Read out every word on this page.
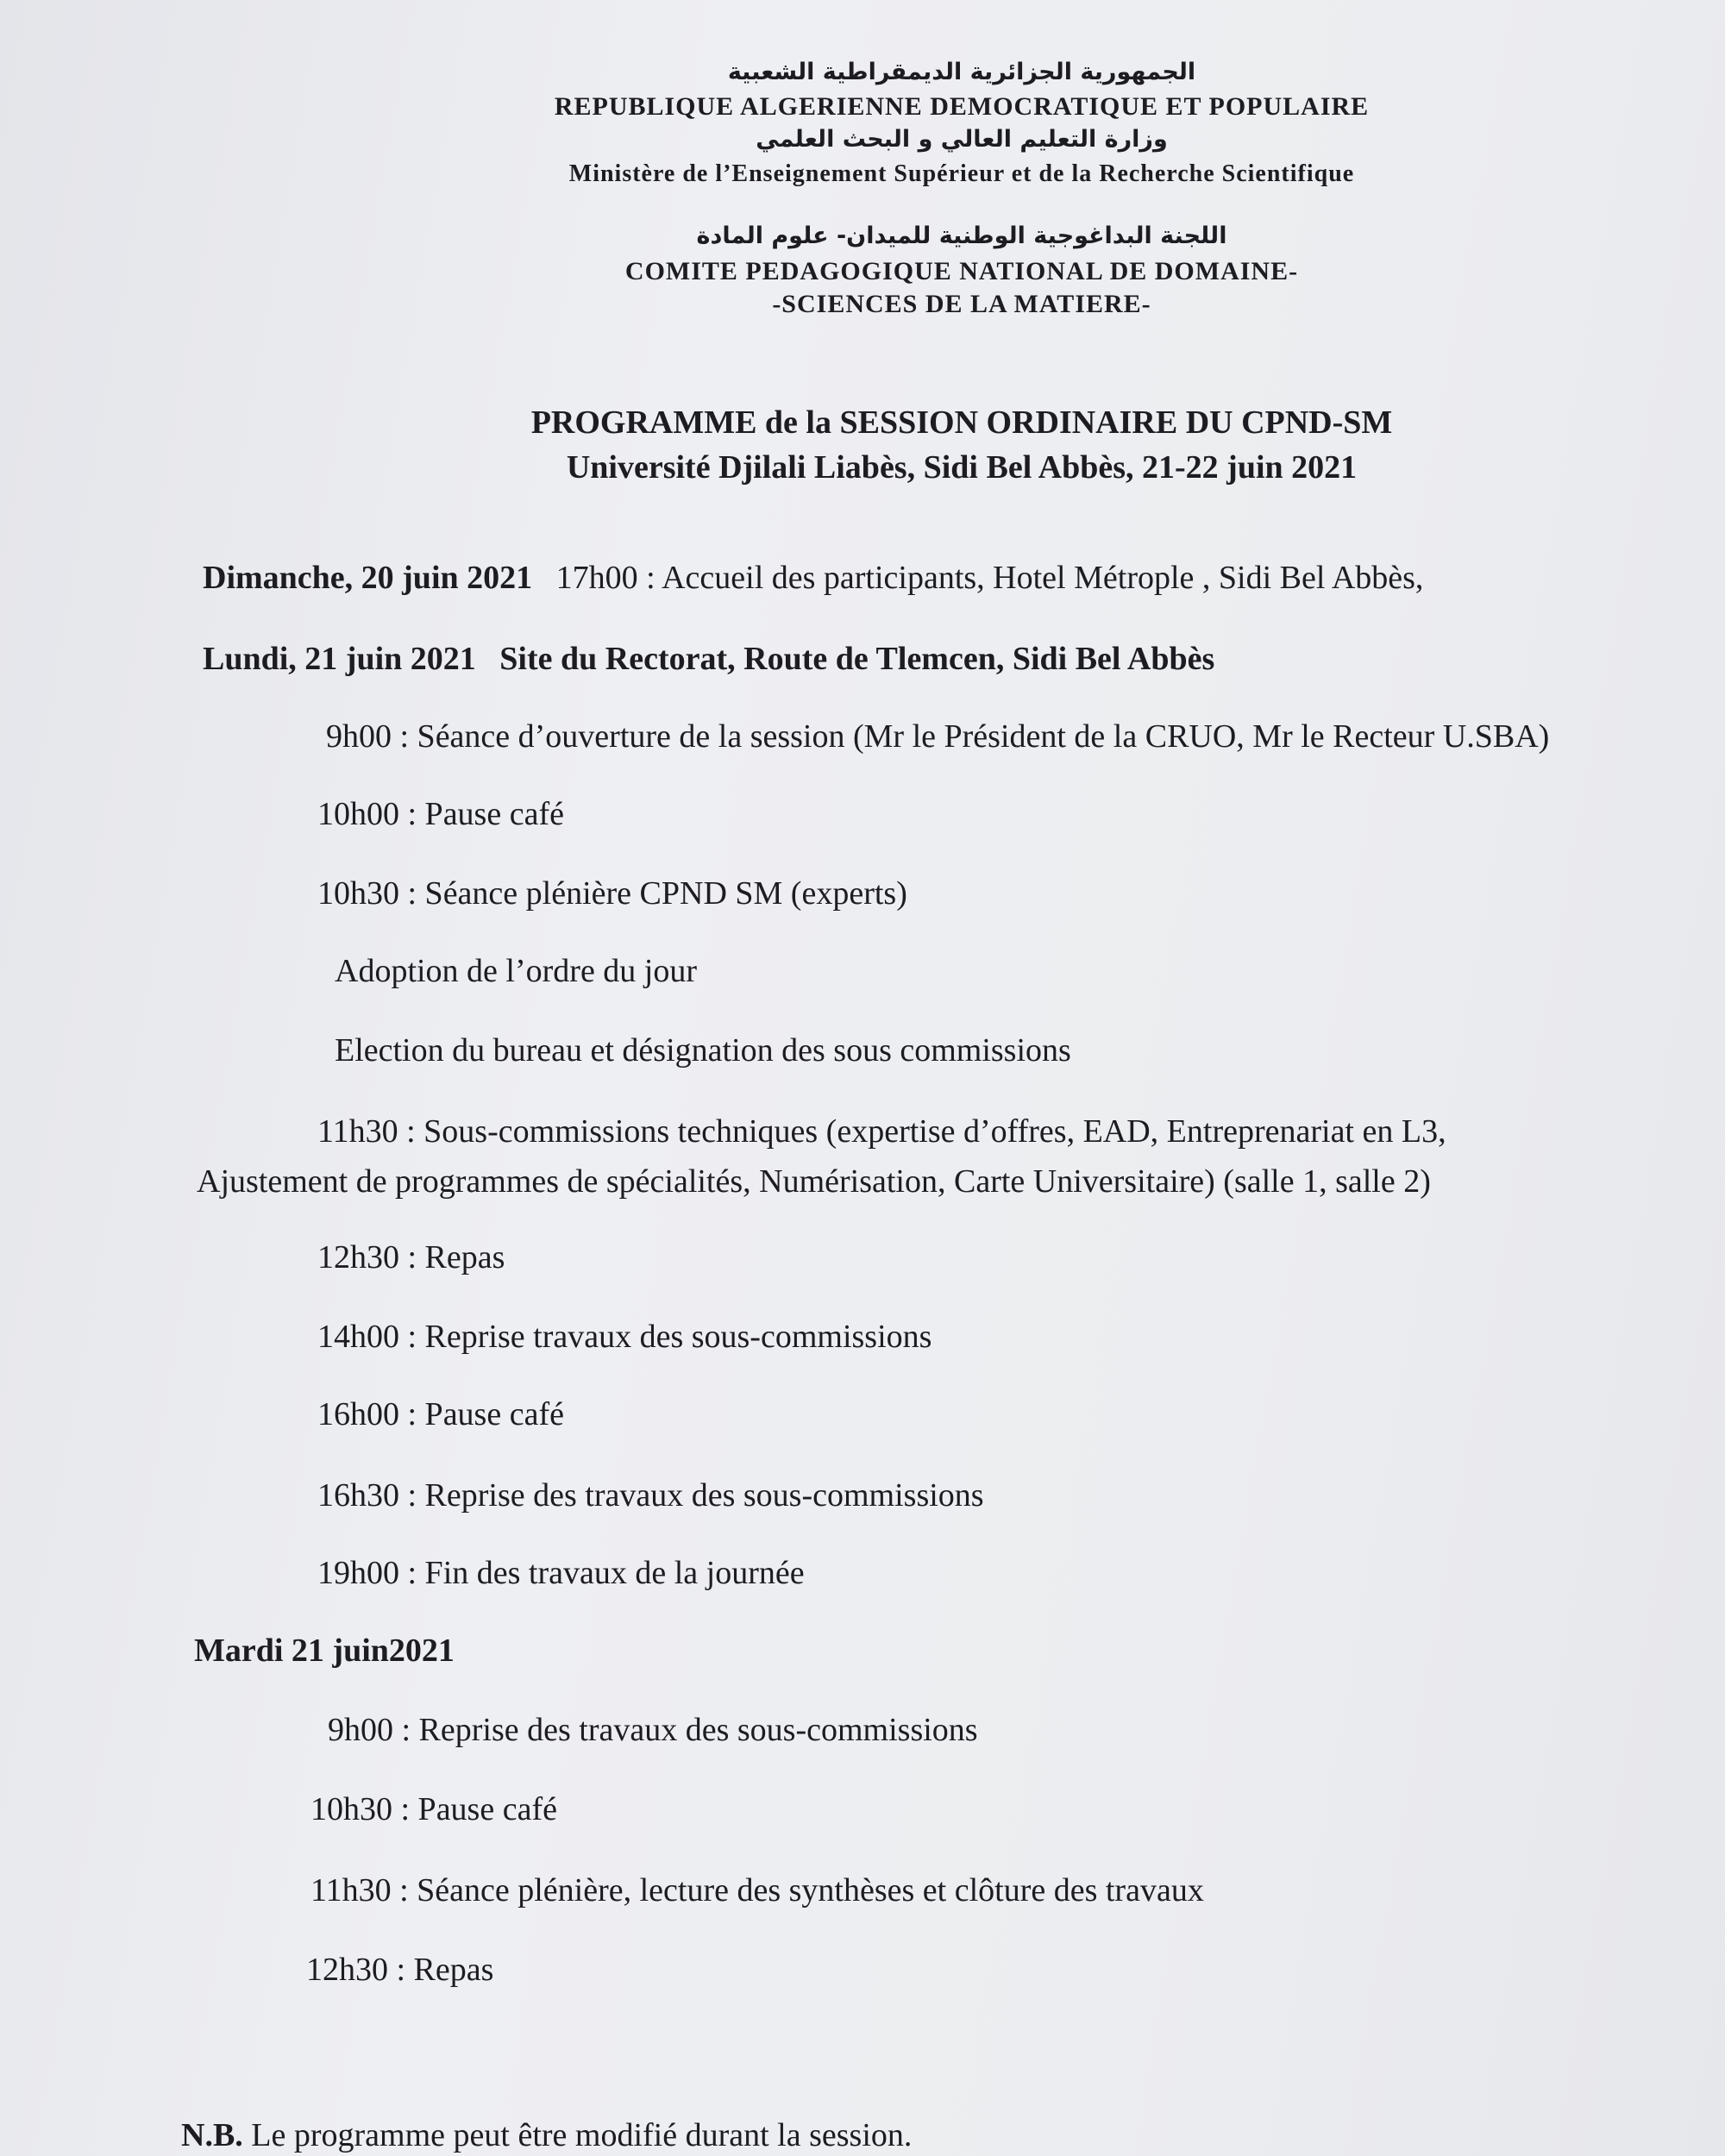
الجمهورية الجزائرية الديمقراطية الشعبية
REPUBLIQUE ALGERIENNE DEMOCRATIQUE ET POPULAIRE
وزارة التعليم العالي و البحث العلمي
Ministère de l’Enseignement Supérieur et de la Recherche Scientifique
اللجنة البداغوجية الوطنية للميدان- علوم المادة
COMITE PEDAGOGIQUE NATIONAL DE DOMAINE-
-SCIENCES DE LA MATIERE-
PROGRAMME de la SESSION ORDINAIRE DU CPND-SM
Université Djilali Liabès, Sidi Bel Abbès, 21-22 juin 2021
Dimanche, 20 juin 2021 17h00 : Accueil des participants, Hotel Métrople , Sidi Bel Abbès,
Lundi, 21 juin 2021 Site du Rectorat, Route de Tlemcen, Sidi Bel Abbès
9h00 : Séance d’ouverture de la session (Mr le Président de la CRUO, Mr le Recteur U.SBA)
10h00 : Pause café
10h30 : Séance plénière CPND SM (experts)
Adoption de l’ordre du jour
Election du bureau et désignation des sous commissions
11h30 : Sous-commissions techniques (expertise d’offres, EAD, Entreprenariat en L3,
Ajustement de programmes de spécialités, Numérisation, Carte Universitaire) (salle 1, salle 2)
12h30 : Repas
14h00 : Reprise travaux des sous-commissions
16h00 : Pause café
16h30 : Reprise des travaux des sous-commissions
19h00 : Fin des travaux de la journée
Mardi 21 juin2021
9h00 : Reprise des travaux des sous-commissions
10h30 : Pause café
11h30 : Séance plénière, lecture des synthèses et clôture des travaux
12h30 : Repas
N.B. Le programme peut être modifié durant la session.
